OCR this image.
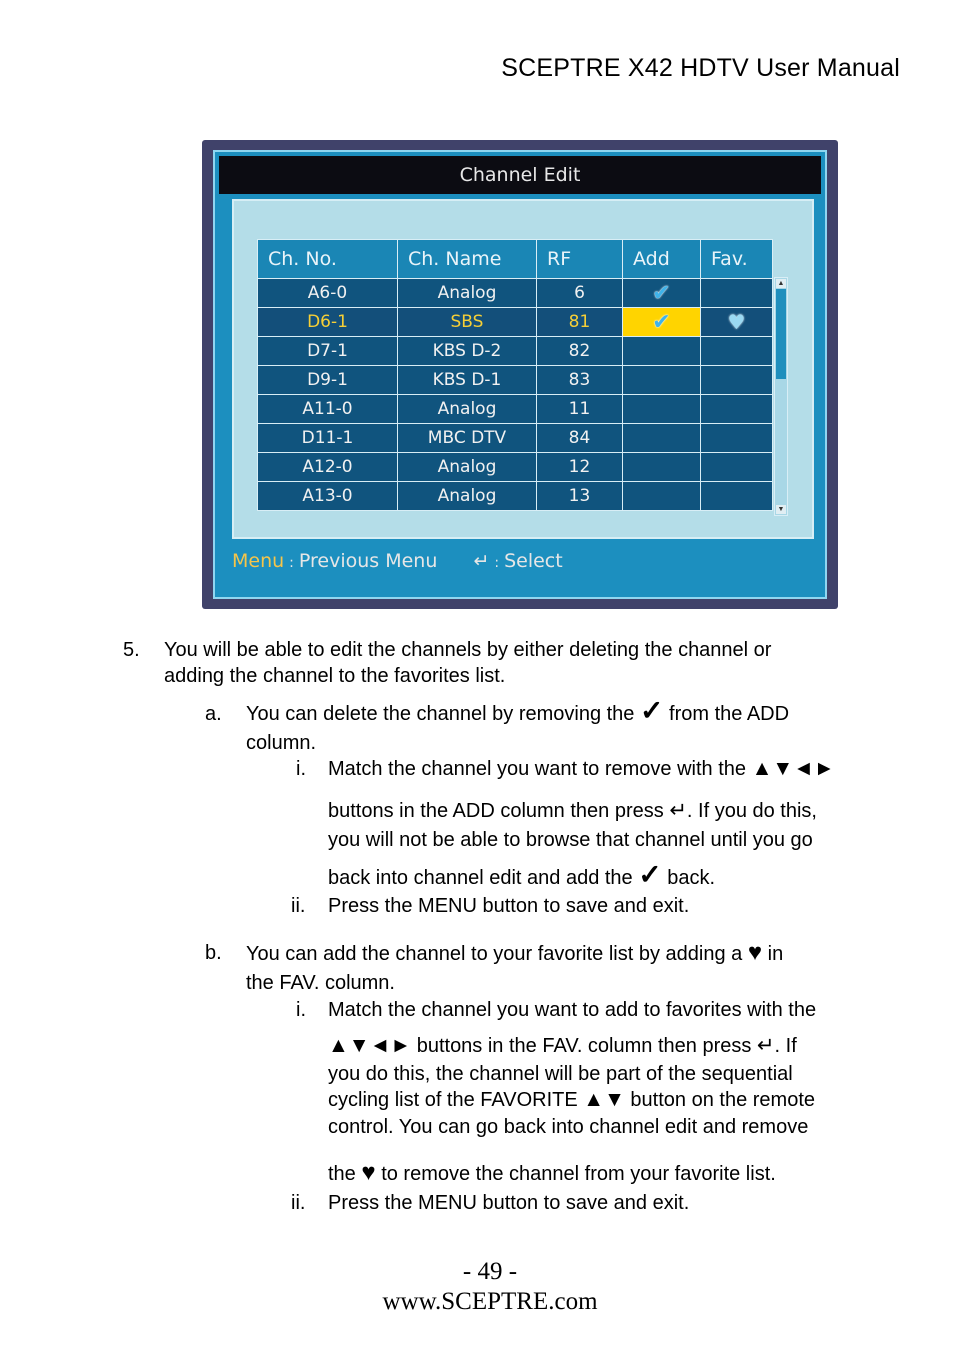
SCEPTRE X42 HDTV User Manual
Channel Edit
Ch. No.	Ch. Name	RF	Add	Fav.
A6-0	Analog	6	✔	
D6-1	SBS	81	✔	♥
D7-1	KBS D-2	82		
D9-1	KBS D-1	83		
A11-0	Analog	11		
D11-1	MBC DTV	84		
A12-0	Analog	12		
A13-0	Analog	13		
▲
▼
Menu : Previous Menu ↵ : Select
5. You will be able to edit the channels by either deleting the channel or
adding the channel to the favorites list.
a. You can delete the channel by removing the ✓ from the ADD
column.
i. Match the channel you want to remove with the ▲▼◄►
buttons in the ADD column then press ↵. If you do this,
you will not be able to browse that channel until you go
back into channel edit and add the ✓ back.
ii. Press the MENU button to save and exit.
b. You can add the channel to your favorite list by adding a ♥ in
the FAV. column.
i. Match the channel you want to add to favorites with the
▲▼◄► buttons in the FAV. column then press ↵. If
you do this, the channel will be part of the sequential
cycling list of the FAVORITE ▲▼ button on the remote
control. You can go back into channel edit and remove
the ♥ to remove the channel from your favorite list.
ii. Press the MENU button to save and exit.
- 49 -
www.SCEPTRE.com
